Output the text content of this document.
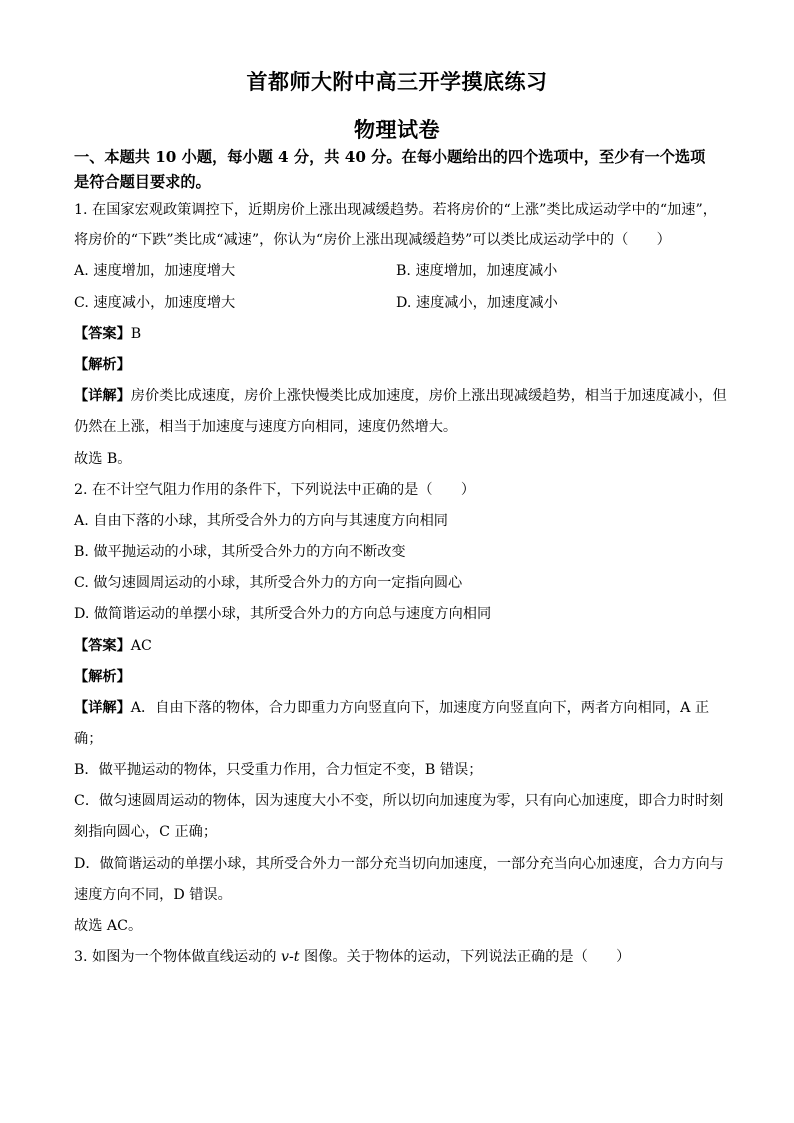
首都师大附中高三开学摸底练习
物理试卷
一、本题共 10 小题，每小题 4 分，共 40 分。在每小题给出的四个选项中，至少有一个选项
是符合题目要求的。
1. 在国家宏观政策调控下，近期房价上涨出现减缓趋势。若将房价的“上涨”类比成运动学中的“加速”，
将房价的“下跌”类比成“减速”，你认为“房价上涨出现减缓趋势”可以类比成运动学中的（　　）
A. 速度增加，加速度增大	B. 速度增加，加速度减小
C. 速度减小，加速度增大	D. 速度减小，加速度减小
【答案】B
【解析】
【详解】房价类比成速度，房价上涨快慢类比成加速度，房价上涨出现减缓趋势，相当于加速度减小，但
仍然在上涨，相当于加速度与速度方向相同，速度仍然增大。
故选 B。
2. 在不计空气阻力作用的条件下，下列说法中正确的是（　　）
A. 自由下落的小球，其所受合外力的方向与其速度方向相同
B. 做平抛运动的小球，其所受合外力的方向不断改变
C. 做匀速圆周运动的小球，其所受合外力的方向一定指向圆心
D. 做简谐运动的单摆小球，其所受合外力的方向总与速度方向相同
【答案】AC
【解析】
【详解】A．自由下落的物体，合力即重力方向竖直向下，加速度方向竖直向下，两者方向相同，A 正
确；
B．做平抛运动的物体，只受重力作用，合力恒定不变，B 错误；
C．做匀速圆周运动的物体，因为速度大小不变，所以切向加速度为零，只有向心加速度，即合力时时刻
刻指向圆心，C 正确；
D．做简谐运动的单摆小球，其所受合外力一部分充当切向加速度，一部分充当向心加速度，合力方向与
速度方向不同，D 错误。
故选 AC。
3. 如图为一个物体做直线运动的 v-t 图像。关于物体的运动，下列说法正确的是（　　）
